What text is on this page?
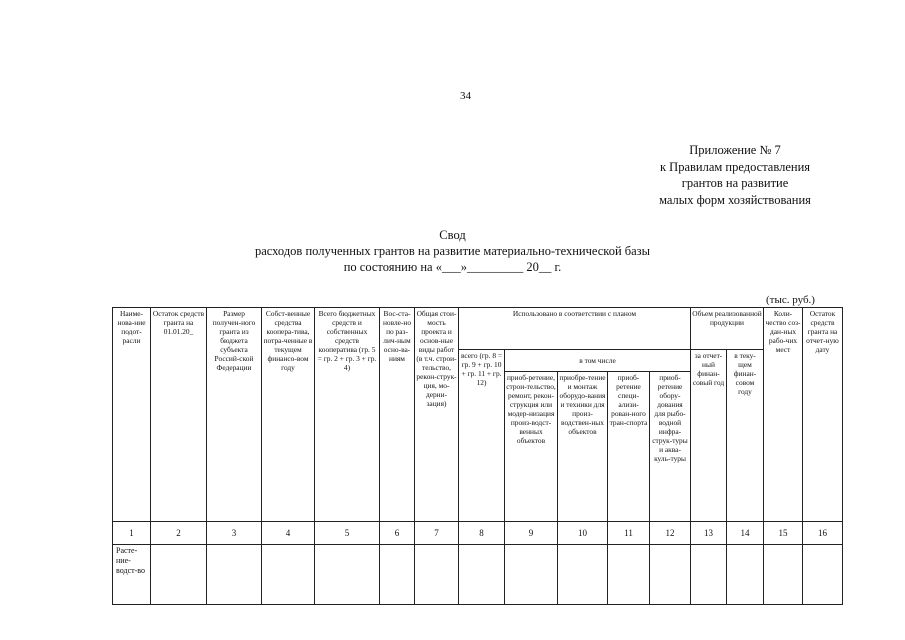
34
Приложение № 7
к Правилам предоставления
грантов на развитие
малых форм хозяйствования
Свод
расходов полученных грантов на развитие материально-технической базы
по состоянию на «___»_________ 20__ г.
(тыс. руб.)
Наиме-нова-ние подот-расли	Остаток средств гранта на 01.01.20_	Размер получен-ного гранта из бюджета субъекта Россий-ской Федерации	Собст-венные средства коопера-тива, потра-ченные в текущем финансо-вом году	Всего бюджетных средств и собственных средств кооператива (гр. 5 = гр. 2 + гр. 3 + гр. 4)	Вос-ста-новле-но по раз-лич-ным осно-ва-ниям	Общая стои-мость проекта и основ-ные виды работ (в т.ч. строи-тельство, рекон-струк-ция, мо-дерни-зация)	Использовано в соответствии с планом					Объем реализованной продукции		Коли-чество соз-дан-ных рабо-чих мест	Остаток средств гранта на отчет-ную дату
							всего (гр. 8 = гр. 9 + гр. 10 + гр. 11 + гр. 12)	в том числе				за отчет-ный финан-совый год	в теку-щем финан-совом году		
								приоб-ретение, строи-тельство, ремонт, рекон-струкция или модер-низация произ-водст-венных объектов	приобре-тение и монтаж оборудо-вания и техники для произ-водствен-ных объектов	приоб-ретение специ-ализи-рован-ного тран-спорта	приоб-ретение обору-дования для рыбо-водной инфра-струк-туры и аква-куль-туры				
1	2	3	4	5	6	7	8	9	10	11	12	13	14	15	16
Расте-ние-водст-во															
